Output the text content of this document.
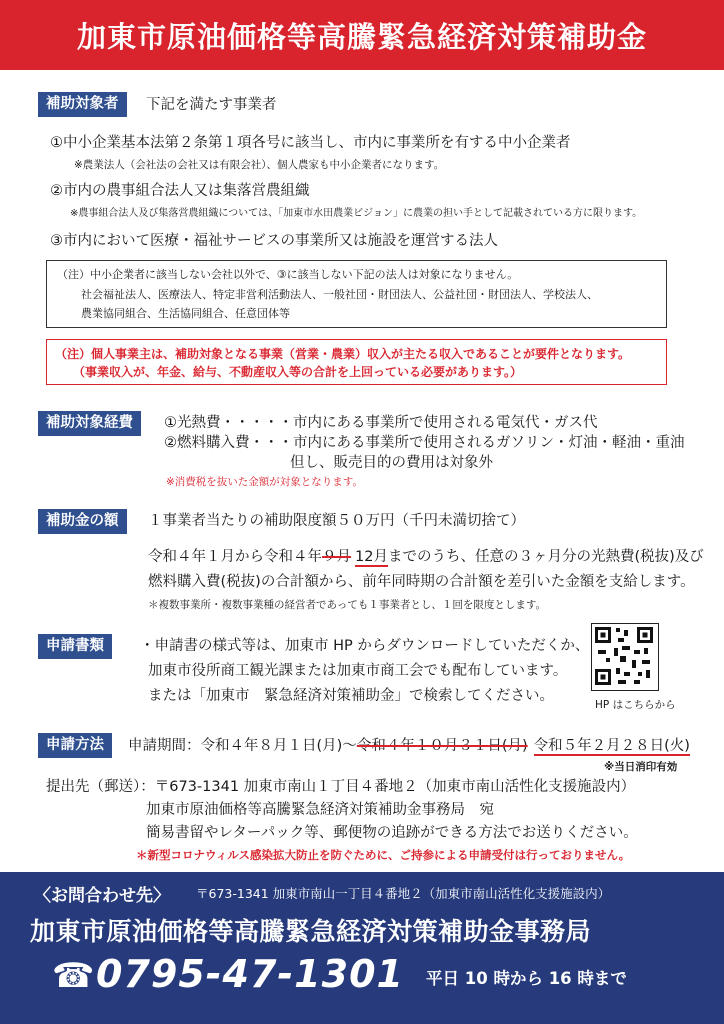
加東市原油価格等高騰緊急経済対策補助金
補助対象者	下記を満たす事業者
①中小企業基本法第２条第１項各号に該当し、市内に事業所を有する中小企業者
※農業法人（会社法の会社又は有限会社）、個人農家も中小企業者になります。
②市内の農事組合法人又は集落営農組織
※農事組合法人及び集落営農組織については、「加東市水田農業ビジョン」に農業の担い手として記載されている方に限ります。
③市内において医療・福祉サービスの事業所又は施設を運営する法人
（注）中小企業者に該当しない会社以外で、③に該当しない下記の法人は対象になりません。
社会福祉法人、医療法人、特定非営利活動法人、一般社団・財団法人、公益社団・財団法人、学校法人、
農業協同組合、生活協同組合、任意団体等
（注）個人事業主は、補助対象となる事業（営業・農業）収入が主たる収入であることが要件となります。
（事業収入が、年金、給与、不動産収入等の合計を上回っている必要があります。）
補助対象経費	①光熱費・・・・・市内にある事業所で使用される電気代・ガス代
②燃料購入費・・・市内にある事業所で使用されるガソリン・灯油・軽油・重油
但し、販売目的の費用は対象外
※消費税を抜いた金額が対象となります。
補助金の額	１事業者当たりの補助限度額５０万円（千円未満切捨て）
令和４年１月から令和４年９月 12月までのうち、任意の３ヶ月分の光熱費(税抜)及び
燃料購入費(税抜)の合計額から、前年同時期の合計額を差引いた金額を支給します。
＊複数事業所・複数事業種の経営者であっても１事業者とし、１回を限度とします。
申請書類	・申請書の様式等は、加東市 HP からダウンロードしていただくか、
加東市役所商工観光課または加東市商工会でも配布しています。
または「加東市　緊急経済対策補助金」で検索してください。
HP はこちらから
申請方法	申請期間：令和４年８月１日(月)～令和４年１０月３１日(月) 令和５年２月２８日(火)
※当日消印有効
提出先（郵送）：〒673-1341 加東市南山１丁目４番地２（加東市南山活性化支援施設内）
加東市原油価格等高騰緊急経済対策補助金事務局　宛
簡易書留やレターパック等、郵便物の追跡ができる方法でお送りください。
＊新型コロナウィルス感染拡大防止を防ぐために、ご持参による申請受付は行っておりません。
〈お問合わせ先〉 〒673-1341 加東市南山一丁目４番地２（加東市南山活性化支援施設内）
加東市原油価格等高騰緊急経済対策補助金事務局
☎ 0795-47-1301 平日 10 時から 16 時まで
